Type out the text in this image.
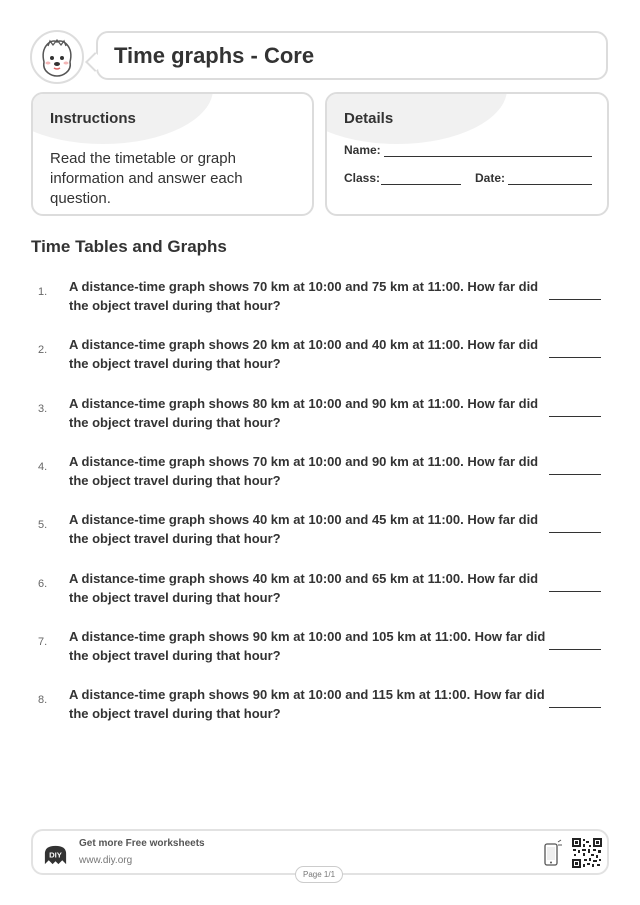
Time graphs - Core
Instructions
Read the timetable or graph information and answer each question.
Details
Name:
Class:	Date:
Time Tables and Graphs
1. A distance-time graph shows 70 km at 10:00 and 75 km at 11:00. How far did the object travel during that hour?
2. A distance-time graph shows 20 km at 10:00 and 40 km at 11:00. How far did the object travel during that hour?
3. A distance-time graph shows 80 km at 10:00 and 90 km at 11:00. How far did the object travel during that hour?
4. A distance-time graph shows 70 km at 10:00 and 90 km at 11:00. How far did the object travel during that hour?
5. A distance-time graph shows 40 km at 10:00 and 45 km at 11:00. How far did the object travel during that hour?
6. A distance-time graph shows 40 km at 10:00 and 65 km at 11:00. How far did the object travel during that hour?
7. A distance-time graph shows 90 km at 10:00 and 105 km at 11:00. How far did the object travel during that hour?
8. A distance-time graph shows 90 km at 10:00 and 115 km at 11:00. How far did the object travel during that hour?
DIY
Get more Free worksheets
www.diy.org
Page 1/1
